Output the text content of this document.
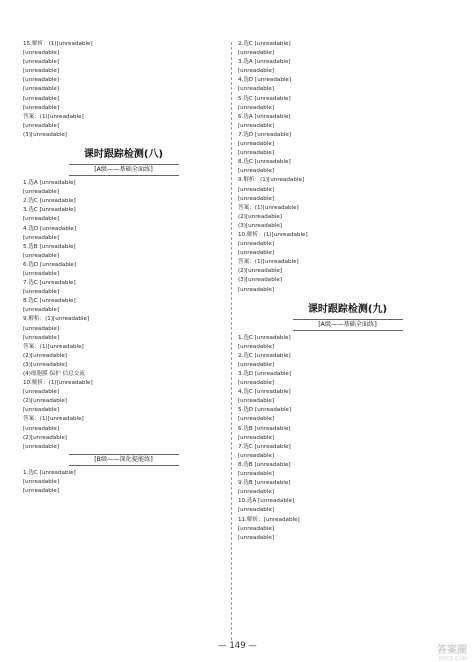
15.解析：(1)[unreadable]
[unreadable]
[unreadable]
[unreadable]
[unreadable]
[unreadable]
[unreadable]
[unreadable]
答案：(1)[unreadable]
[unreadable]
(3)[unreadable]
课时跟踪检测(八)
[A级——基础全面练]
1.选A [unreadable]
[unreadable]
2.选C [unreadable]
3.选C [unreadable]
[unreadable]
4.选D [unreadable]
[unreadable]
5.选B [unreadable]
[unreadable]
6.选D [unreadable]
[unreadable]
7.选C [unreadable]
[unreadable]
8.选C [unreadable]
[unreadable]
9.解析：(1)[unreadable]
[unreadable]
[unreadable]
答案：(1)[unreadable]
(2)[unreadable]
(3)[unreadable]
(4)细胞膜 保护 信息交流
10.解析：(1)[unreadable]
[unreadable]
(2)[unreadable]
[unreadable]
答案：(1)[unreadable]
[unreadable]
(2)[unreadable]
[unreadable]
[B级——深化提能练]
1.选C [unreadable]
[unreadable]
[unreadable]
2.选C [unreadable]
[unreadable]
3.选A [unreadable]
[unreadable]
4.选D [unreadable]
[unreadable]
5.选C [unreadable]
[unreadable]
6.选A [unreadable]
[unreadable]
7.选D [unreadable]
[unreadable]
[unreadable]
8.选C [unreadable]
[unreadable]
9.解析：(1)[unreadable]
[unreadable]
[unreadable]
答案：(1)[unreadable]
(2)[unreadable]
(3)[unreadable]
10.解析：(1)[unreadable]
[unreadable]
[unreadable]
答案：(1)[unreadable]
(2)[unreadable]
(3)[unreadable]
[unreadable]
课时跟踪检测(九)
[A级——基础全面练]
1.选C [unreadable]
[unreadable]
2.选C [unreadable]
[unreadable]
3.选D [unreadable]
[unreadable]
4.选C [unreadable]
[unreadable]
5.选D [unreadable]
[unreadable]
6.选B [unreadable]
[unreadable]
7.选C [unreadable]
[unreadable]
8.选B [unreadable]
[unreadable]
9.选B [unreadable]
[unreadable]
10.选A [unreadable]
[unreadable]
11.解析：[unreadable]
[unreadable]
[unreadable]
— 149 —	答案圈
MXQE.COM
